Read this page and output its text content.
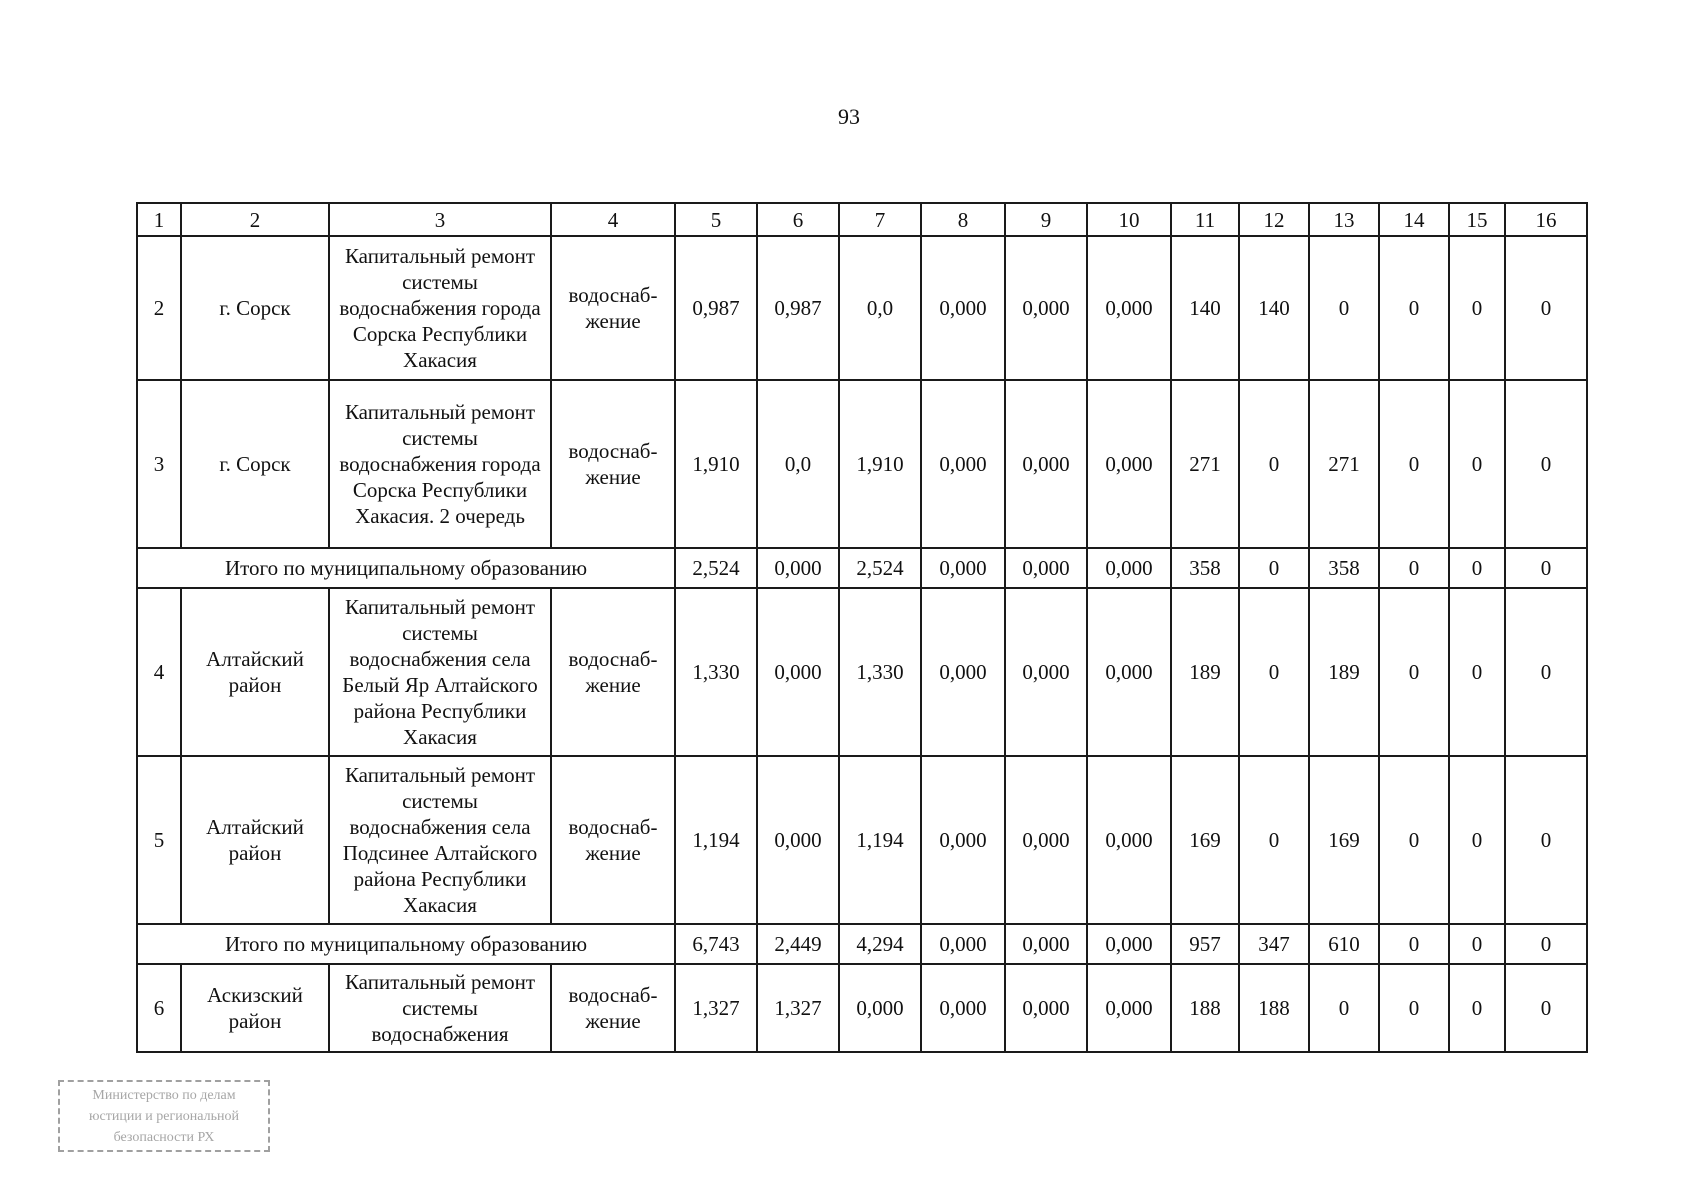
93
1	2	3	4	5	6	7	8	9	10	11	12	13	14	15	16
2	г. Сорск	Капитальный ремонт системы водоснабжения города Сорска Республики Хакасия	водоснаб-жение	0,987	0,987	0,0	0,000	0,000	0,000	140	140	0	0	0	0
3	г. Сорск	Капитальный ремонт системы водоснабжения города Сорска Республики Хакасия. 2 очередь	водоснаб-жение	1,910	0,0	1,910	0,000	0,000	0,000	271	0	271	0	0	0
Итого по муниципальному образованию				2,524	0,000	2,524	0,000	0,000	0,000	358	0	358	0	0	0
4	Алтайский район	Капитальный ремонт системы водоснабжения села Белый Яр Алтайского района Республики Хакасия	водоснаб-жение	1,330	0,000	1,330	0,000	0,000	0,000	189	0	189	0	0	0
5	Алтайский район	Капитальный ремонт системы водоснабжения села Подсинее Алтайского района Республики Хакасия	водоснаб-жение	1,194	0,000	1,194	0,000	0,000	0,000	169	0	169	0	0	0
Итого по муниципальному образованию				6,743	2,449	4,294	0,000	0,000	0,000	957	347	610	0	0	0
6	Аскизский район	Капитальный ремонт системы водоснабжения	водоснаб-жение	1,327	1,327	0,000	0,000	0,000	0,000	188	188	0	0	0	0
Министерство по делам
юстиции и региональной
безопасности РХ
